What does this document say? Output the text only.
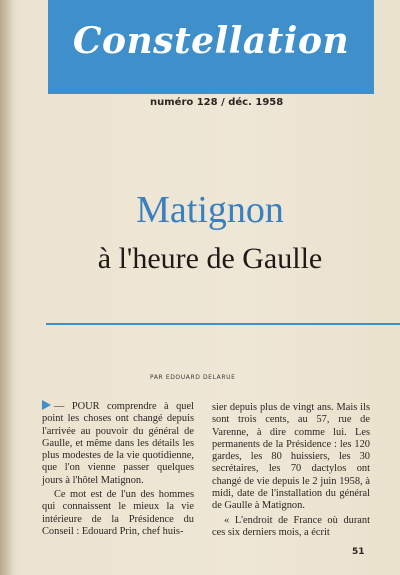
Constellation
numéro 128 / déc. 1958
Matignon
à l'heure de Gaulle
PAR EDOUARD DELARUE

— POUR comprendre à quel point les choses ont changé depuis l'arrivée au pouvoir du général de Gaulle, et même dans les détails les plus modestes de la vie quotidienne, que l'on vienne passer quelques jours à l'hôtel Matignon.

Ce mot est de l'un des hommes qui connaissent le mieux la vie intérieure de la Présidence du Conseil : Edouard Prin, chef huis-

sier depuis plus de vingt ans. Mais ils sont trois cents, au 57, rue de Varenne, à dire comme lui. Les permanents de la Présidence : les 120 gardes, les 80 huissiers, les 30 secrétaires, les 70 dactylos ont changé de vie depuis le 2 juin 1958, à midi, date de l'installation du général de Gaulle à Matignon.

« L'endroit de France où durant ces six derniers mois, a écrit

51
